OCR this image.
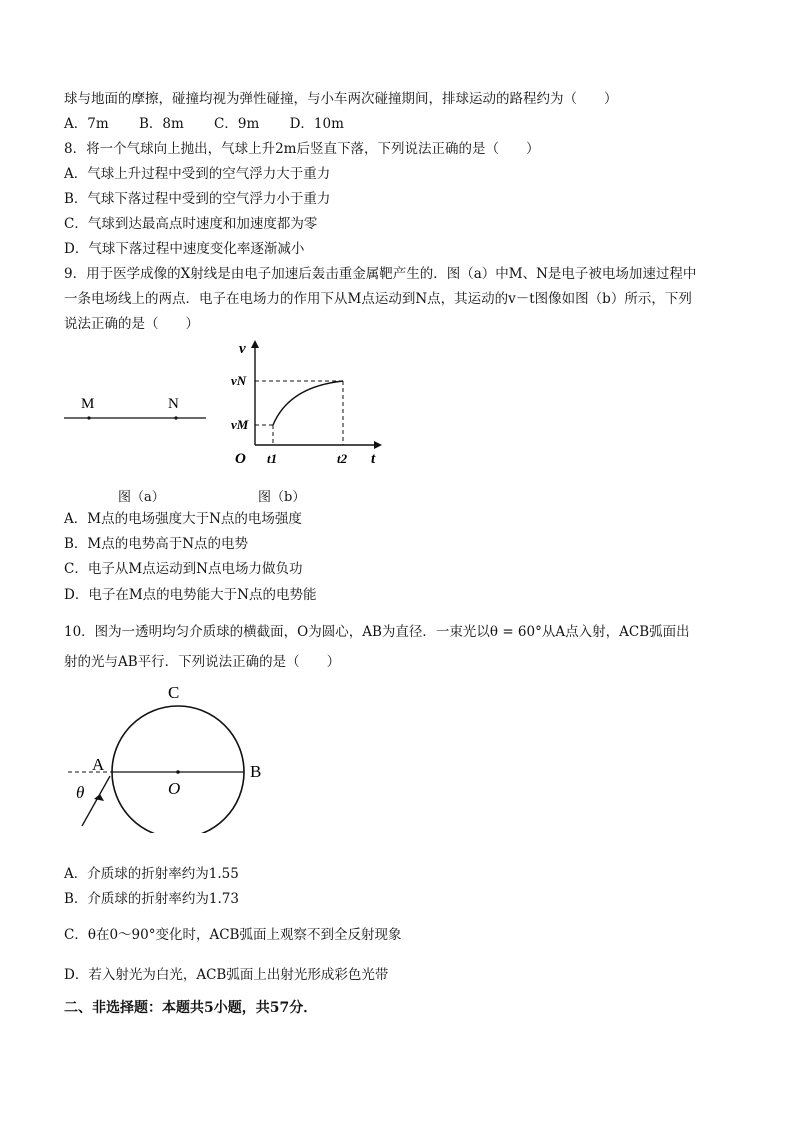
球与地面的摩擦，碰撞均视为弹性碰撞，与小车两次碰撞期间，排球运动的路程约为（　　）
A．7m B．8m C．9m D．10m
8．将一个气球向上抛出，气球上升2m后竖直下落，下列说法正确的是（　　）
A．气球上升过程中受到的空气浮力大于重力
B．气球下落过程中受到的空气浮力小于重力
C．气球到达最高点时速度和加速度都为零
D．气球下落过程中速度变化率逐渐减小
9．用于医学成像的X射线是由电子加速后轰击重金属靶产生的．图（a）中M、N是电子被电场加速过程中
一条电场线上的两点．电子在电场力的作用下从M点运动到N点，其运动的v－t图像如图（b）所示，下列
说法正确的是（　　）
M	N
图（a）
v
t
O
vN
vM
t1	t2
图（b）
A．M点的电场强度大于N点的电场强度
B．M点的电势高于N点的电势
C．电子从M点运动到N点电场力做负功
D．电子在M点的电势能大于N点的电势能
10．图为一透明均匀介质球的横截面，O为圆心，AB为直径．一束光以θ = 60°从A点入射，ACB弧面出
射的光与AB平行．下列说法正确的是（　　）
C
A	B
O
θ
A．介质球的折射率约为1.55
B．介质球的折射率约为1.73
C．θ在0～90°变化时，ACB弧面上观察不到全反射现象
D．若入射光为白光，ACB弧面上出射光形成彩色光带
二、非选择题：本题共5小题，共57分．
